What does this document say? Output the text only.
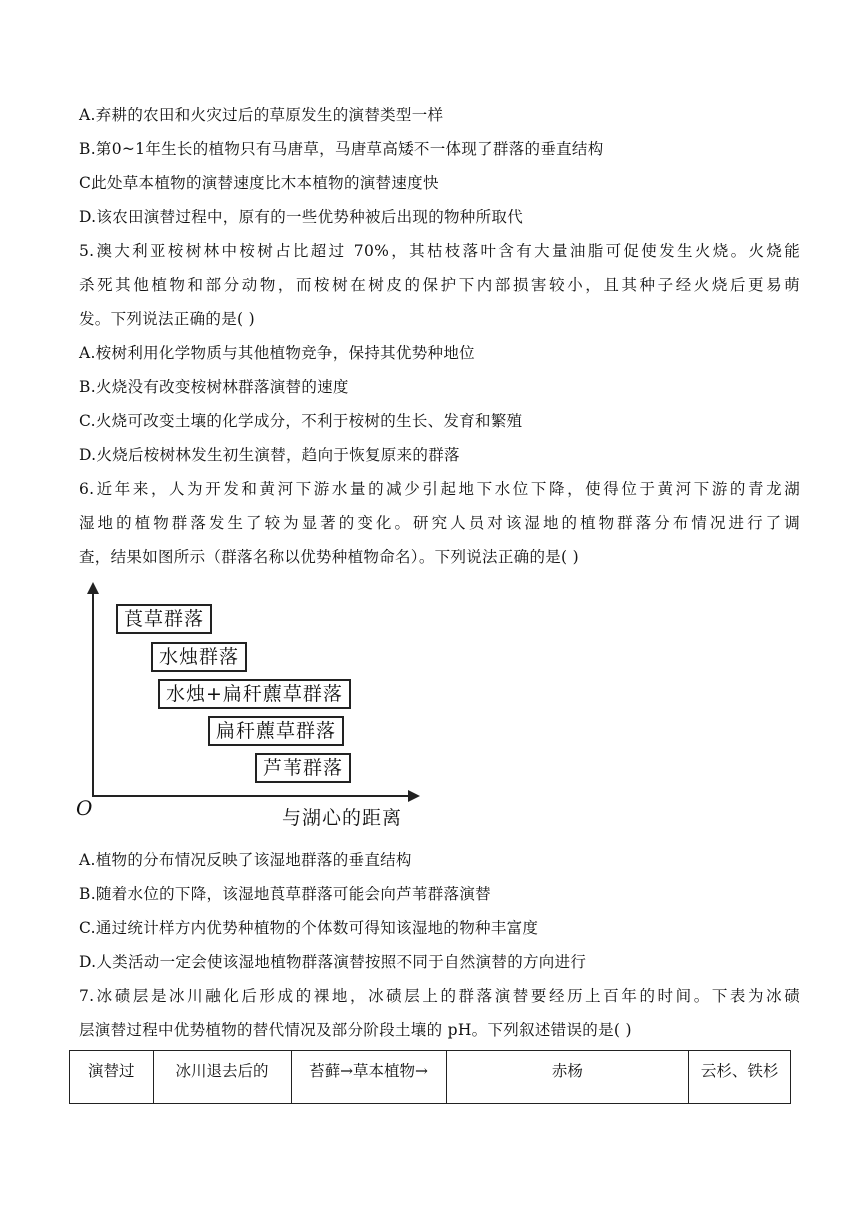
A.弃耕的农田和火灾过后的草原发生的演替类型一样
B.第0~1年生长的植物只有马唐草，马唐草高矮不一体现了群落的垂直结构
C此处草本植物的演替速度比木本植物的演替速度快
D.该农田演替过程中，原有的一些优势种被后出现的物种所取代
5.澳大利亚桉树林中桉树占比超过 70%，其枯枝落叶含有大量油脂可促使发生火烧。火烧能
杀死其他植物和部分动物，而桉树在树皮的保护下内部损害较小，且其种子经火烧后更易萌
发。下列说法正确的是( )
A.桉树利用化学物质与其他植物竞争，保持其优势种地位
B.火烧没有改变桉树林群落演替的速度
C.火烧可改变土壤的化学成分，不利于桉树的生长、发育和繁殖
D.火烧后桉树林发生初生演替，趋向于恢复原来的群落
6.近年来，人为开发和黄河下游水量的减少引起地下水位下降，使得位于黄河下游的青龙湖
湿地的植物群落发生了较为显著的变化。研究人员对该湿地的植物群落分布情况进行了调
查，结果如图所示（群落名称以优势种植物命名）。下列说法正确的是( )
莨草群落
水烛群落
水烛+扁秆藨草群落
扁秆藨草群落
芦苇群落
O	与湖心的距离
A.植物的分布情况反映了该湿地群落的垂直结构
B.随着水位的下降，该湿地莨草群落可能会向芦苇群落演替
C.通过统计样方内优势种植物的个体数可得知该湿地的物种丰富度
D.人类活动一定会使该湿地植物群落演替按照不同于自然演替的方向进行
7.冰碛层是冰川融化后形成的裸地，冰碛层上的群落演替要经历上百年的时间。下表为冰碛
层演替过程中优势植物的替代情况及部分阶段土壤的 pH。下列叙述错误的是( )
演替过	冰川退去后的	苔藓→草本植物→	赤杨	云杉、铁杉
